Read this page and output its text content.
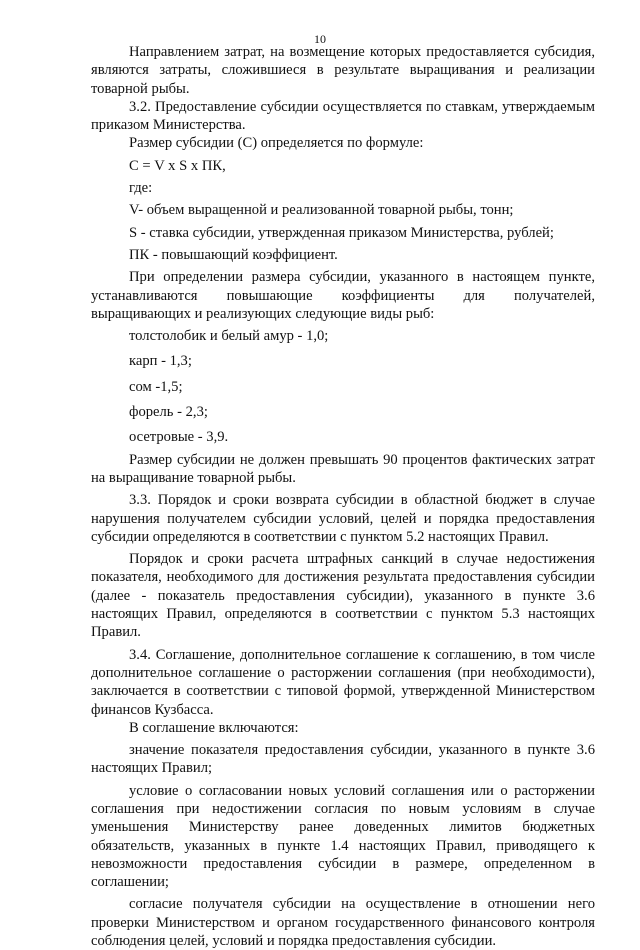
10

Направлением затрат, на возмещение которых предоставляется субсидия, являются затраты, сложившиеся в результате выращивания и реализации товарной рыбы.

3.2. Предоставление субсидии осуществляется по ставкам, утверждаемым приказом Министерства.

Размер субсидии (С) определяется по формуле:

С = V х S х ПК,

где:

V- объем выращенной и реализованной товарной рыбы, тонн;

S - ставка субсидии, утвержденная приказом Министерства, рублей;

ПК - повышающий коэффициент.

При определении размера субсидии, указанного в настоящем пункте, устанавливаются повышающие коэффициенты для получателей, выращивающих и реализующих следующие виды рыб:

толстолобик и белый амур - 1,0;

карп - 1,3;

сом -1,5;

форель - 2,3;

осетровые - 3,9.

Размер субсидии не должен превышать 90 процентов фактических затрат на выращивание товарной рыбы.

3.3. Порядок и сроки возврата субсидии в областной бюджет в случае нарушения получателем субсидии условий, целей и порядка предоставления субсидии определяются в соответствии с пунктом 5.2 настоящих Правил.

Порядок и сроки расчета штрафных санкций в случае недостижения показателя, необходимого для достижения результата предоставления субсидии (далее - показатель предоставления субсидии), указанного в пункте 3.6 настоящих Правил, определяются в соответствии с пунктом 5.3 настоящих Правил.

3.4. Соглашение, дополнительное соглашение к соглашению, в том числе дополнительное соглашение о расторжении соглашения (при необходимости), заключается в соответствии с типовой формой, утвержденной Министерством финансов Кузбасса.

В соглашение включаются:

значение показателя предоставления субсидии, указанного в пункте 3.6 настоящих Правил;

условие о согласовании новых условий соглашения или о расторжении соглашения при недостижении согласия по новым условиям в случае уменьшения Министерству ранее доведенных лимитов бюджетных обязательств, указанных в пункте 1.4 настоящих Правил, приводящего к невозможности предоставления субсидии в размере, определенном в соглашении;

согласие получателя субсидии на осуществление в отношении него проверки Министерством и органом государственного финансового контроля соблюдения целей, условий и порядка предоставления субсидии.
